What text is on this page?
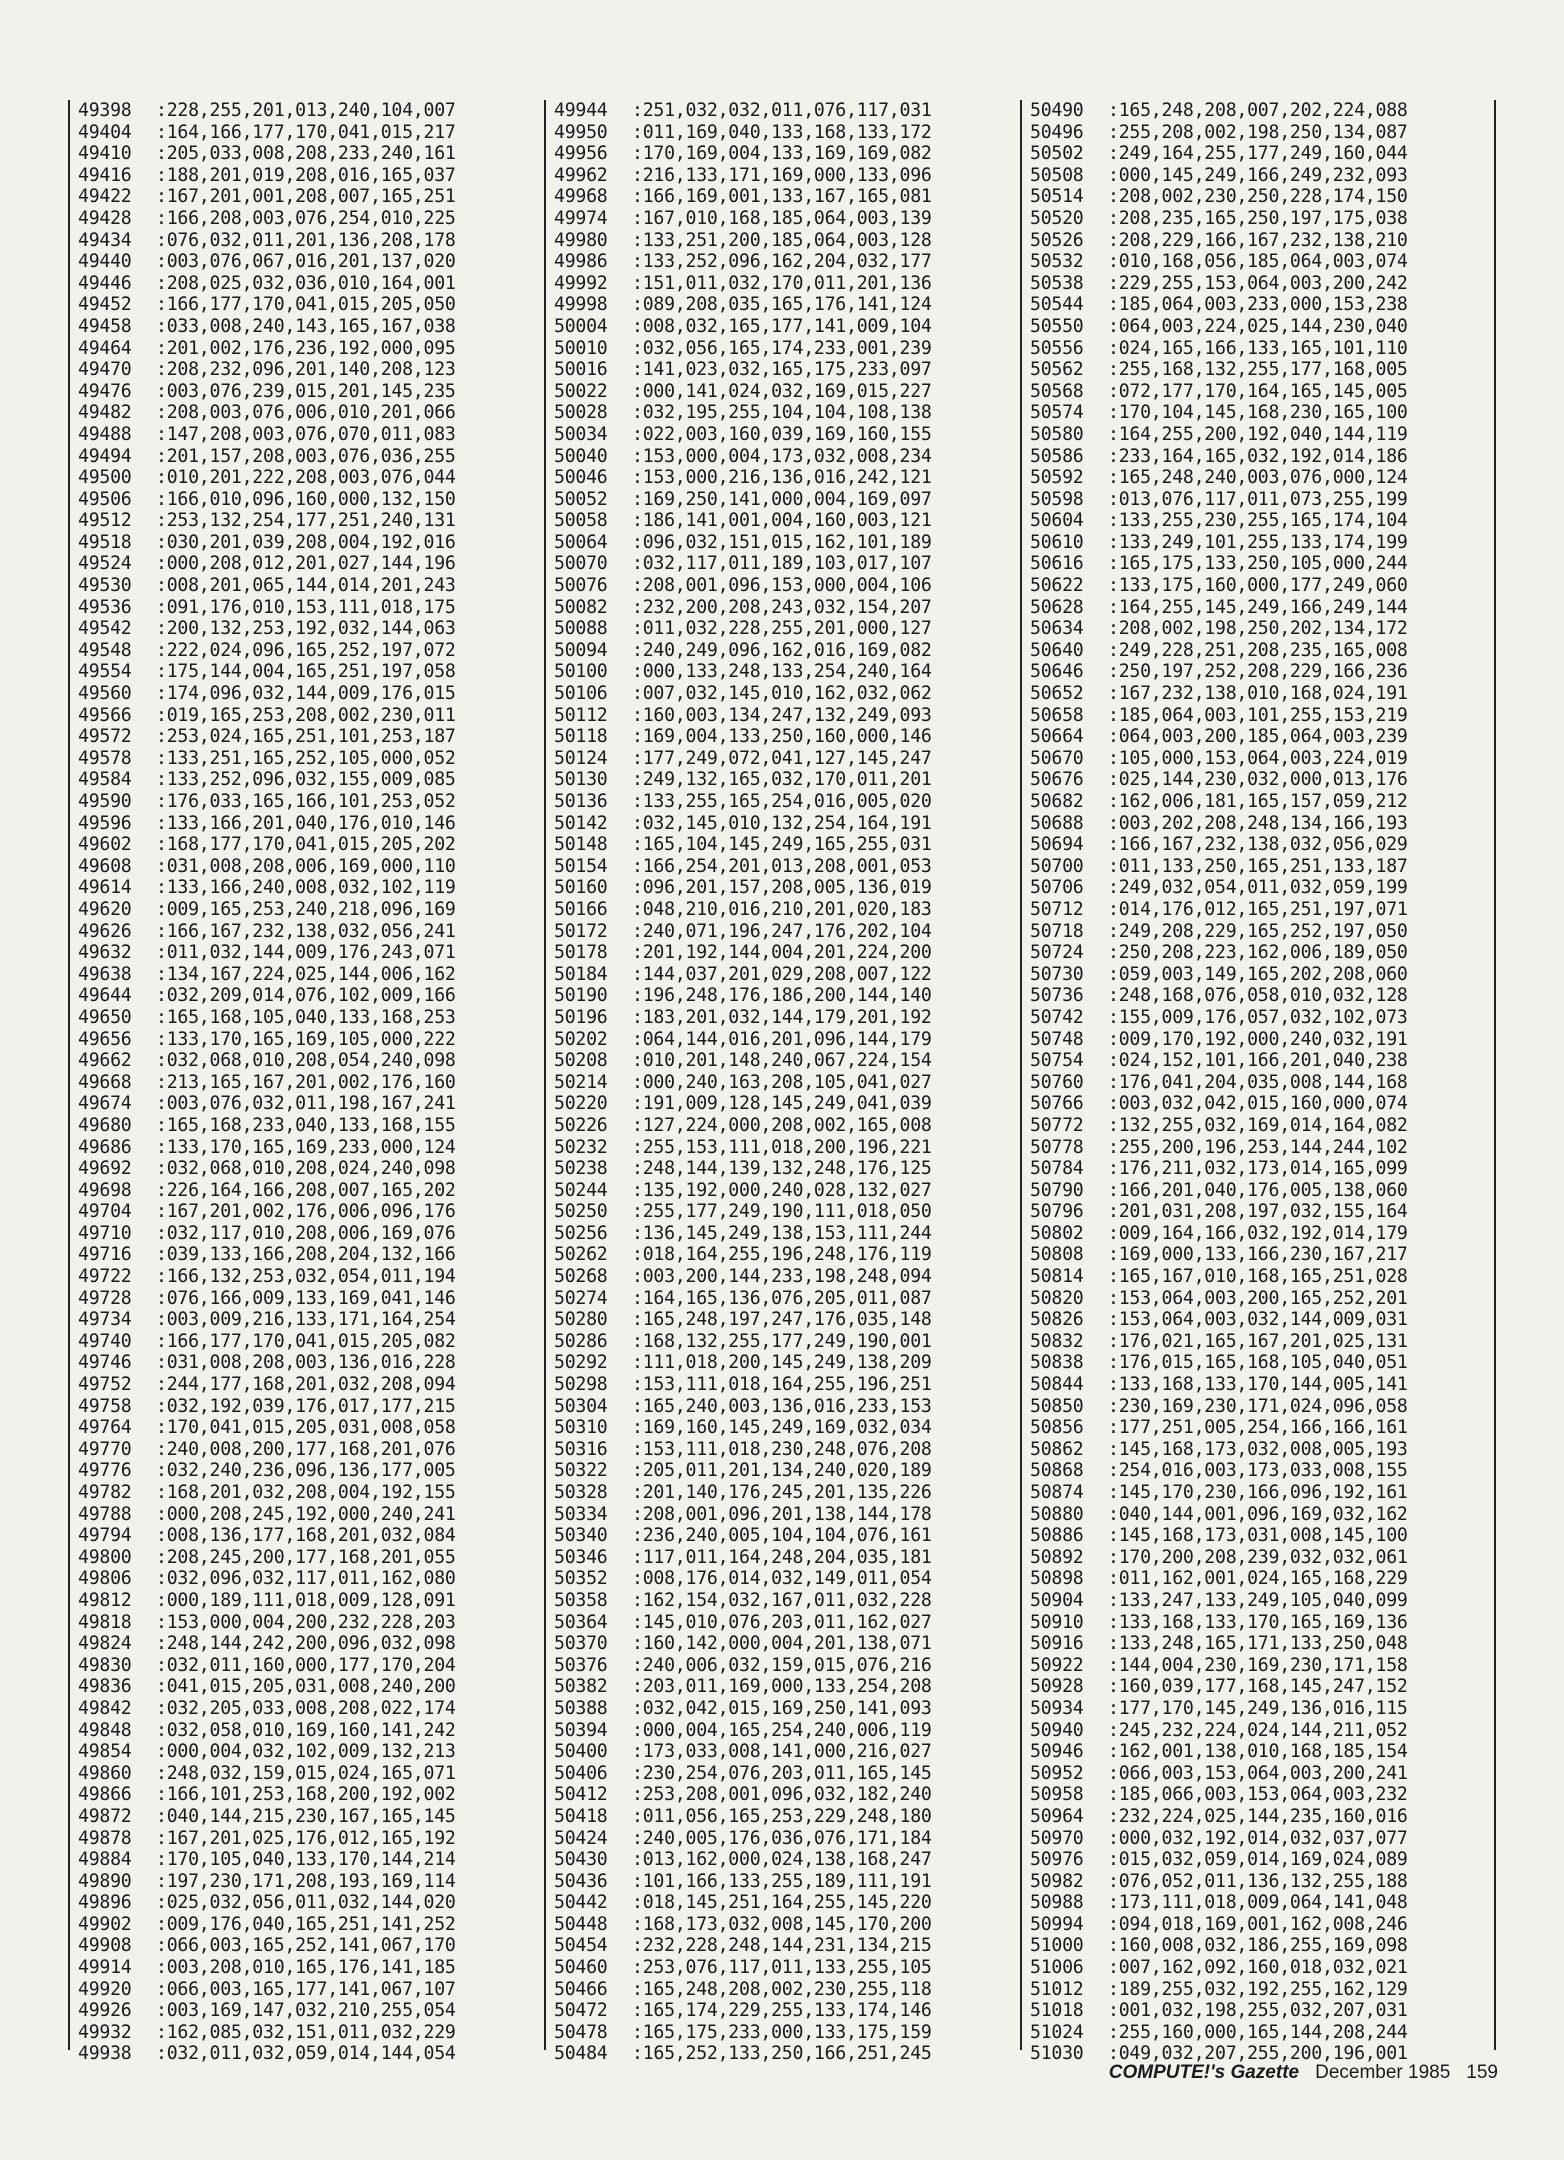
49398	:228,255,201,013,240,104,007
49404	:164,166,177,170,041,015,217
49410	:205,033,008,208,233,240,161
49416	:188,201,019,208,016,165,037
49422	:167,201,001,208,007,165,251
49428	:166,208,003,076,254,010,225
49434	:076,032,011,201,136,208,178
49440	:003,076,067,016,201,137,020
49446	:208,025,032,036,010,164,001
49452	:166,177,170,041,015,205,050
49458	:033,008,240,143,165,167,038
49464	:201,002,176,236,192,000,095
49470	:208,232,096,201,140,208,123
49476	:003,076,239,015,201,145,235
49482	:208,003,076,006,010,201,066
49488	:147,208,003,076,070,011,083
49494	:201,157,208,003,076,036,255
49500	:010,201,222,208,003,076,044
49506	:166,010,096,160,000,132,150
49512	:253,132,254,177,251,240,131
49518	:030,201,039,208,004,192,016
49524	:000,208,012,201,027,144,196
49530	:008,201,065,144,014,201,243
49536	:091,176,010,153,111,018,175
49542	:200,132,253,192,032,144,063
49548	:222,024,096,165,252,197,072
49554	:175,144,004,165,251,197,058
49560	:174,096,032,144,009,176,015
49566	:019,165,253,208,002,230,011
49572	:253,024,165,251,101,253,187
49578	:133,251,165,252,105,000,052
49584	:133,252,096,032,155,009,085
49590	:176,033,165,166,101,253,052
49596	:133,166,201,040,176,010,146
49602	:168,177,170,041,015,205,202
49608	:031,008,208,006,169,000,110
49614	:133,166,240,008,032,102,119
49620	:009,165,253,240,218,096,169
49626	:166,167,232,138,032,056,241
49632	:011,032,144,009,176,243,071
49638	:134,167,224,025,144,006,162
49644	:032,209,014,076,102,009,166
49650	:165,168,105,040,133,168,253
49656	:133,170,165,169,105,000,222
49662	:032,068,010,208,054,240,098
49668	:213,165,167,201,002,176,160
49674	:003,076,032,011,198,167,241
49680	:165,168,233,040,133,168,155
49686	:133,170,165,169,233,000,124
49692	:032,068,010,208,024,240,098
49698	:226,164,166,208,007,165,202
49704	:167,201,002,176,006,096,176
49710	:032,117,010,208,006,169,076
49716	:039,133,166,208,204,132,166
49722	:166,132,253,032,054,011,194
49728	:076,166,009,133,169,041,146
49734	:003,009,216,133,171,164,254
49740	:166,177,170,041,015,205,082
49746	:031,008,208,003,136,016,228
49752	:244,177,168,201,032,208,094
49758	:032,192,039,176,017,177,215
49764	:170,041,015,205,031,008,058
49770	:240,008,200,177,168,201,076
49776	:032,240,236,096,136,177,005
49782	:168,201,032,208,004,192,155
49788	:000,208,245,192,000,240,241
49794	:008,136,177,168,201,032,084
49800	:208,245,200,177,168,201,055
49806	:032,096,032,117,011,162,080
49812	:000,189,111,018,009,128,091
49818	:153,000,004,200,232,228,203
49824	:248,144,242,200,096,032,098
49830	:032,011,160,000,177,170,204
49836	:041,015,205,031,008,240,200
49842	:032,205,033,008,208,022,174
49848	:032,058,010,169,160,141,242
49854	:000,004,032,102,009,132,213
49860	:248,032,159,015,024,165,071
49866	:166,101,253,168,200,192,002
49872	:040,144,215,230,167,165,145
49878	:167,201,025,176,012,165,192
49884	:170,105,040,133,170,144,214
49890	:197,230,171,208,193,169,114
49896	:025,032,056,011,032,144,020
49902	:009,176,040,165,251,141,252
49908	:066,003,165,252,141,067,170
49914	:003,208,010,165,176,141,185
49920	:066,003,165,177,141,067,107
49926	:003,169,147,032,210,255,054
49932	:162,085,032,151,011,032,229
49938	:032,011,032,059,014,144,054
49944	:251,032,032,011,076,117,031
49950	:011,169,040,133,168,133,172
49956	:170,169,004,133,169,169,082
49962	:216,133,171,169,000,133,096
49968	:166,169,001,133,167,165,081
49974	:167,010,168,185,064,003,139
49980	:133,251,200,185,064,003,128
49986	:133,252,096,162,204,032,177
49992	:151,011,032,170,011,201,136
49998	:089,208,035,165,176,141,124
50004	:008,032,165,177,141,009,104
50010	:032,056,165,174,233,001,239
50016	:141,023,032,165,175,233,097
50022	:000,141,024,032,169,015,227
50028	:032,195,255,104,104,108,138
50034	:022,003,160,039,169,160,155
50040	:153,000,004,173,032,008,234
50046	:153,000,216,136,016,242,121
50052	:169,250,141,000,004,169,097
50058	:186,141,001,004,160,003,121
50064	:096,032,151,015,162,101,189
50070	:032,117,011,189,103,017,107
50076	:208,001,096,153,000,004,106
50082	:232,200,208,243,032,154,207
50088	:011,032,228,255,201,000,127
50094	:240,249,096,162,016,169,082
50100	:000,133,248,133,254,240,164
50106	:007,032,145,010,162,032,062
50112	:160,003,134,247,132,249,093
50118	:169,004,133,250,160,000,146
50124	:177,249,072,041,127,145,247
50130	:249,132,165,032,170,011,201
50136	:133,255,165,254,016,005,020
50142	:032,145,010,132,254,164,191
50148	:165,104,145,249,165,255,031
50154	:166,254,201,013,208,001,053
50160	:096,201,157,208,005,136,019
50166	:048,210,016,210,201,020,183
50172	:240,071,196,247,176,202,104
50178	:201,192,144,004,201,224,200
50184	:144,037,201,029,208,007,122
50190	:196,248,176,186,200,144,140
50196	:183,201,032,144,179,201,192
50202	:064,144,016,201,096,144,179
50208	:010,201,148,240,067,224,154
50214	:000,240,163,208,105,041,027
50220	:191,009,128,145,249,041,039
50226	:127,224,000,208,002,165,008
50232	:255,153,111,018,200,196,221
50238	:248,144,139,132,248,176,125
50244	:135,192,000,240,028,132,027
50250	:255,177,249,190,111,018,050
50256	:136,145,249,138,153,111,244
50262	:018,164,255,196,248,176,119
50268	:003,200,144,233,198,248,094
50274	:164,165,136,076,205,011,087
50280	:165,248,197,247,176,035,148
50286	:168,132,255,177,249,190,001
50292	:111,018,200,145,249,138,209
50298	:153,111,018,164,255,196,251
50304	:165,240,003,136,016,233,153
50310	:169,160,145,249,169,032,034
50316	:153,111,018,230,248,076,208
50322	:205,011,201,134,240,020,189
50328	:201,140,176,245,201,135,226
50334	:208,001,096,201,138,144,178
50340	:236,240,005,104,104,076,161
50346	:117,011,164,248,204,035,181
50352	:008,176,014,032,149,011,054
50358	:162,154,032,167,011,032,228
50364	:145,010,076,203,011,162,027
50370	:160,142,000,004,201,138,071
50376	:240,006,032,159,015,076,216
50382	:203,011,169,000,133,254,208
50388	:032,042,015,169,250,141,093
50394	:000,004,165,254,240,006,119
50400	:173,033,008,141,000,216,027
50406	:230,254,076,203,011,165,145
50412	:253,208,001,096,032,182,240
50418	:011,056,165,253,229,248,180
50424	:240,005,176,036,076,171,184
50430	:013,162,000,024,138,168,247
50436	:101,166,133,255,189,111,191
50442	:018,145,251,164,255,145,220
50448	:168,173,032,008,145,170,200
50454	:232,228,248,144,231,134,215
50460	:253,076,117,011,133,255,105
50466	:165,248,208,002,230,255,118
50472	:165,174,229,255,133,174,146
50478	:165,175,233,000,133,175,159
50484	:165,252,133,250,166,251,245
50490	:165,248,208,007,202,224,088
50496	:255,208,002,198,250,134,087
50502	:249,164,255,177,249,160,044
50508	:000,145,249,166,249,232,093
50514	:208,002,230,250,228,174,150
50520	:208,235,165,250,197,175,038
50526	:208,229,166,167,232,138,210
50532	:010,168,056,185,064,003,074
50538	:229,255,153,064,003,200,242
50544	:185,064,003,233,000,153,238
50550	:064,003,224,025,144,230,040
50556	:024,165,166,133,165,101,110
50562	:255,168,132,255,177,168,005
50568	:072,177,170,164,165,145,005
50574	:170,104,145,168,230,165,100
50580	:164,255,200,192,040,144,119
50586	:233,164,165,032,192,014,186
50592	:165,248,240,003,076,000,124
50598	:013,076,117,011,073,255,199
50604	:133,255,230,255,165,174,104
50610	:133,249,101,255,133,174,199
50616	:165,175,133,250,105,000,244
50622	:133,175,160,000,177,249,060
50628	:164,255,145,249,166,249,144
50634	:208,002,198,250,202,134,172
50640	:249,228,251,208,235,165,008
50646	:250,197,252,208,229,166,236
50652	:167,232,138,010,168,024,191
50658	:185,064,003,101,255,153,219
50664	:064,003,200,185,064,003,239
50670	:105,000,153,064,003,224,019
50676	:025,144,230,032,000,013,176
50682	:162,006,181,165,157,059,212
50688	:003,202,208,248,134,166,193
50694	:166,167,232,138,032,056,029
50700	:011,133,250,165,251,133,187
50706	:249,032,054,011,032,059,199
50712	:014,176,012,165,251,197,071
50718	:249,208,229,165,252,197,050
50724	:250,208,223,162,006,189,050
50730	:059,003,149,165,202,208,060
50736	:248,168,076,058,010,032,128
50742	:155,009,176,057,032,102,073
50748	:009,170,192,000,240,032,191
50754	:024,152,101,166,201,040,238
50760	:176,041,204,035,008,144,168
50766	:003,032,042,015,160,000,074
50772	:132,255,032,169,014,164,082
50778	:255,200,196,253,144,244,102
50784	:176,211,032,173,014,165,099
50790	:166,201,040,176,005,138,060
50796	:201,031,208,197,032,155,164
50802	:009,164,166,032,192,014,179
50808	:169,000,133,166,230,167,217
50814	:165,167,010,168,165,251,028
50820	:153,064,003,200,165,252,201
50826	:153,064,003,032,144,009,031
50832	:176,021,165,167,201,025,131
50838	:176,015,165,168,105,040,051
50844	:133,168,133,170,144,005,141
50850	:230,169,230,171,024,096,058
50856	:177,251,005,254,166,166,161
50862	:145,168,173,032,008,005,193
50868	:254,016,003,173,033,008,155
50874	:145,170,230,166,096,192,161
50880	:040,144,001,096,169,032,162
50886	:145,168,173,031,008,145,100
50892	:170,200,208,239,032,032,061
50898	:011,162,001,024,165,168,229
50904	:133,247,133,249,105,040,099
50910	:133,168,133,170,165,169,136
50916	:133,248,165,171,133,250,048
50922	:144,004,230,169,230,171,158
50928	:160,039,177,168,145,247,152
50934	:177,170,145,249,136,016,115
50940	:245,232,224,024,144,211,052
50946	:162,001,138,010,168,185,154
50952	:066,003,153,064,003,200,241
50958	:185,066,003,153,064,003,232
50964	:232,224,025,144,235,160,016
50970	:000,032,192,014,032,037,077
50976	:015,032,059,014,169,024,089
50982	:076,052,011,136,132,255,188
50988	:173,111,018,009,064,141,048
50994	:094,018,169,001,162,008,246
51000	:160,008,032,186,255,169,098
51006	:007,162,092,160,018,032,021
51012	:189,255,032,192,255,162,129
51018	:001,032,198,255,032,207,031
51024	:255,160,000,165,144,208,244
51030	:049,032,207,255,200,196,001
COMPUTE!'s Gazette December 1985 159
